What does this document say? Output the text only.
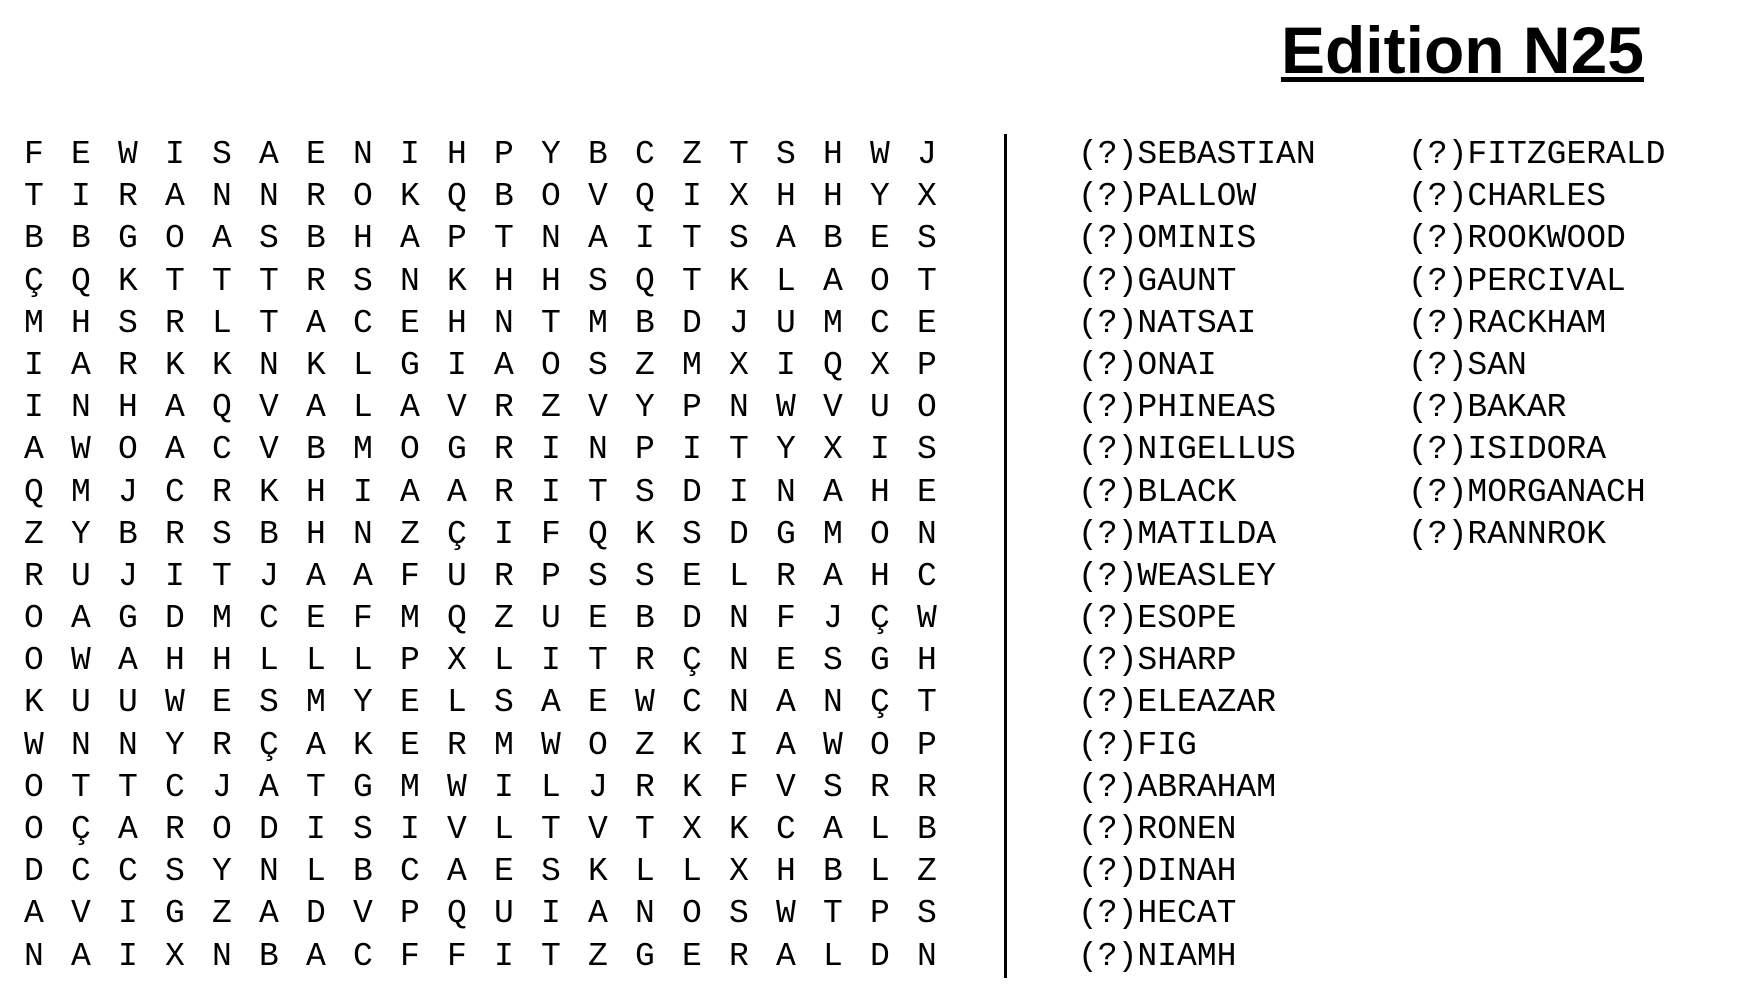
Edition N25
F E W I S A E N I H P Y B C Z T S H W J
T I R A N N R O K Q B O V Q I X H H Y X
B B G O A S B H A P T N A I T S A B E S
Ç Q K T T T R S N K H H S Q T K L A O T
M H S R L T A C E H N T M B D J U M C E
I A R K K N K L G I A O S Z M X I Q X P
I N H A Q V A L A V R Z V Y P N W V U O
A W O A C V B M O G R I N P I T Y X I S
Q M J C R K H I A A R I T S D I N A H E
Z Y B R S B H N Z Ç I F Q K S D G M O N
R U J I T J A A F U R P S S E L R A H C
O A G D M C E F M Q Z U E B D N F J Ç W
O W A H H L L L P X L I T R Ç N E S G H
K U U W E S M Y E L S A E W C N A N Ç T
W N N Y R Ç A K E R M W O Z K I A W O P
O T T C J A T G M W I L J R K F V S R R
O Ç A R O D I S I V L T V T X K C A L B
D C C S Y N L B C A E S K L L X H B L Z
A V I G Z A D V P Q U I A N O S W T P S
N A I X N B A C F F I T Z G E R A L D N
(?)SEBASTIAN
(?)PALLOW
(?)OMINIS
(?)GAUNT
(?)NATSAI
(?)ONAI
(?)PHINEAS
(?)NIGELLUS
(?)BLACK
(?)MATILDA
(?)WEASLEY
(?)ESOPE
(?)SHARP
(?)ELEAZAR
(?)FIG
(?)ABRAHAM
(?)RONEN
(?)DINAH
(?)HECAT
(?)NIAMH
(?)FITZGERALD
(?)CHARLES
(?)ROOKWOOD
(?)PERCIVAL
(?)RACKHAM
(?)SAN
(?)BAKAR
(?)ISIDORA
(?)MORGANACH
(?)RANNROK
